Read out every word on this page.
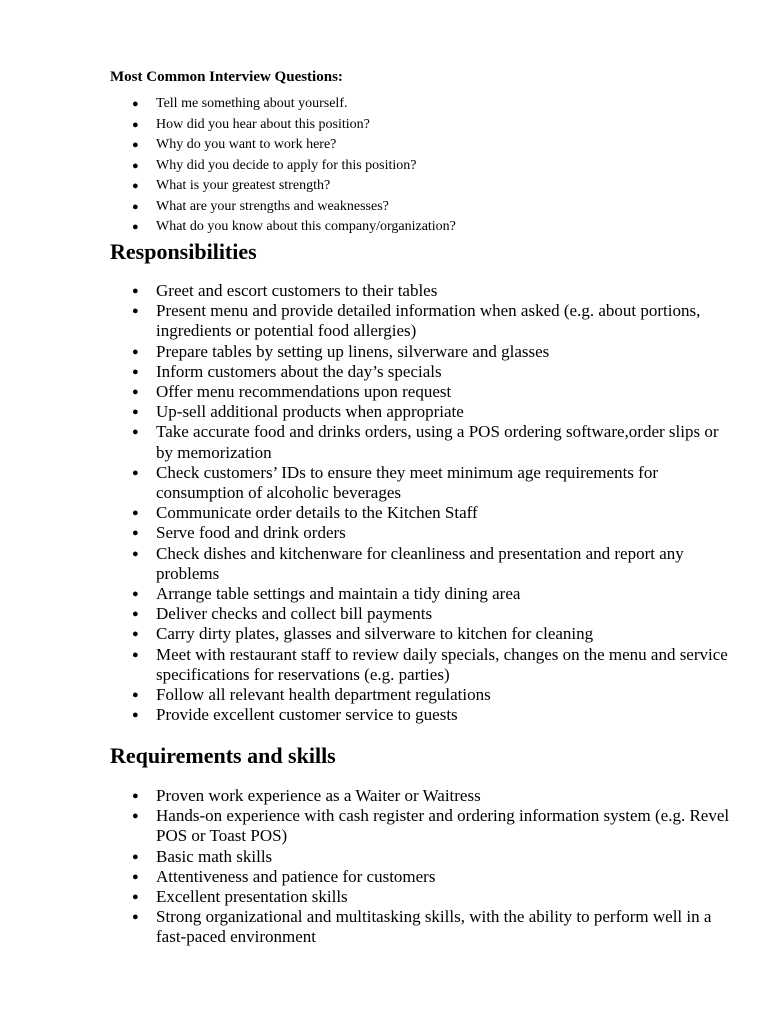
Most Common Interview Questions:

● Tell me something about yourself.
● How did you hear about this position?
● Why do you want to work here?
● Why did you decide to apply for this position?
● What is your greatest strength?
● What are your strengths and weaknesses?
● What do you know about this company/organization?
Responsibilities
● Greet and escort customers to their tables
● Present menu and provide detailed information when asked (e.g. about portions, ingredients or potential food allergies)
● Prepare tables by setting up linens, silverware and glasses
● Inform customers about the day’s specials
● Offer menu recommendations upon request
● Up-sell additional products when appropriate
● Take accurate food and drinks orders, using a POS ordering software,order slips or by memorization
● Check customers’ IDs to ensure they meet minimum age requirements for consumption of alcoholic beverages
● Communicate order details to the Kitchen Staff
● Serve food and drink orders
● Check dishes and kitchenware for cleanliness and presentation and report any problems
● Arrange table settings and maintain a tidy dining area
● Deliver checks and collect bill payments
● Carry dirty plates, glasses and silverware to kitchen for cleaning
● Meet with restaurant staff to review daily specials, changes on the menu and service specifications for reservations (e.g. parties)
● Follow all relevant health department regulations
● Provide excellent customer service to guests
Requirements and skills
● Proven work experience as a Waiter or Waitress
● Hands-on experience with cash register and ordering information system (e.g. Revel POS or Toast POS)
● Basic math skills
● Attentiveness and patience for customers
● Excellent presentation skills
● Strong organizational and multitasking skills, with the ability to perform well in a fast-paced environment
